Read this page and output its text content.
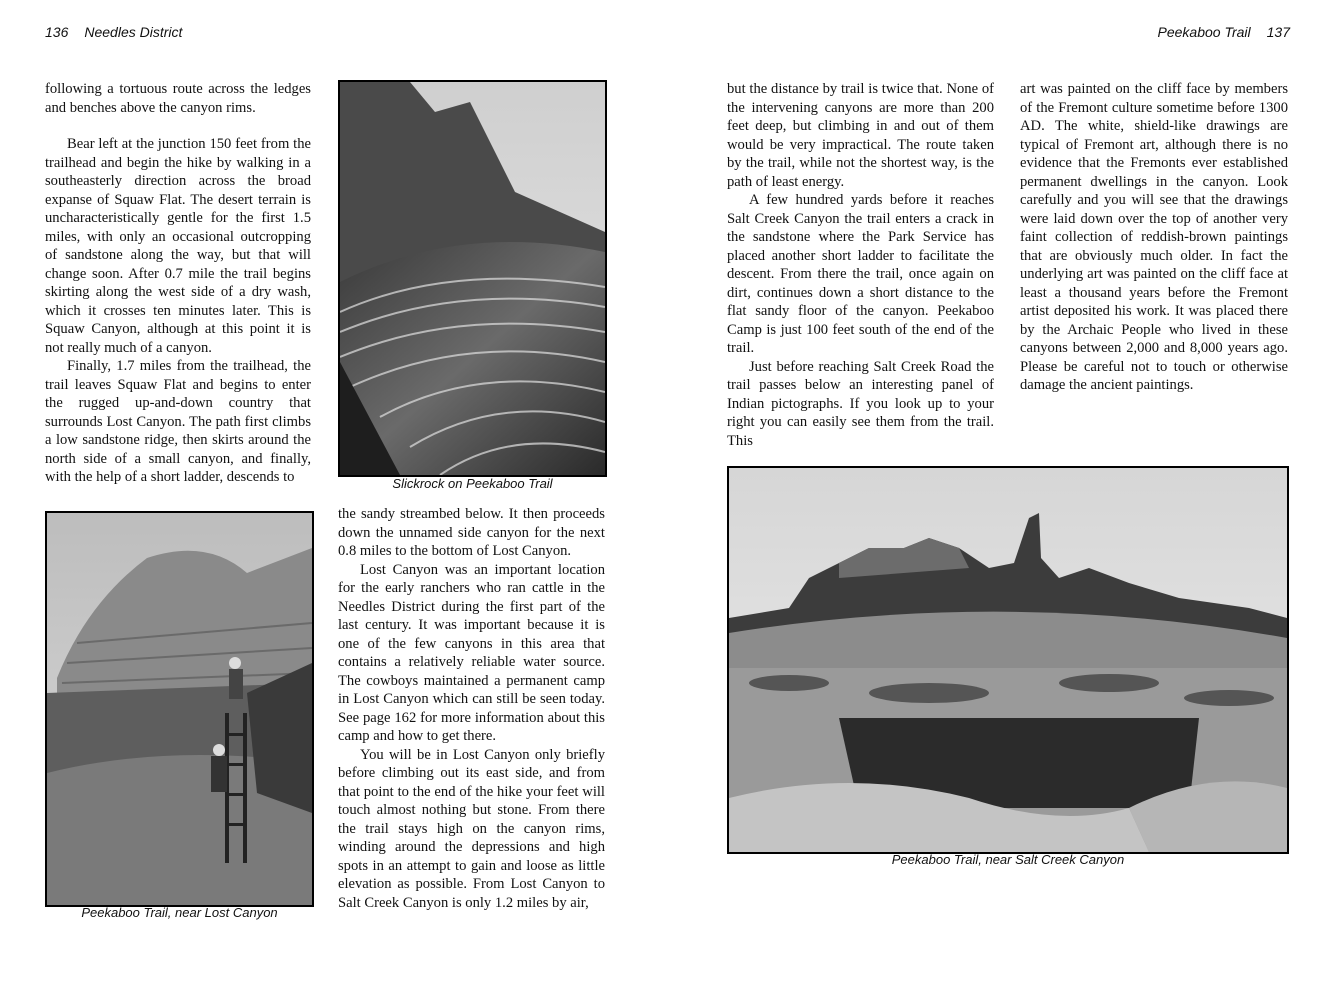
136 Needles District	Peekaboo Trail 137

following a tortuous route across the ledges and benches above the canyon rims.

Bear left at the junction 150 feet from the trailhead and begin the hike by walking in a southeasterly direction across the broad expanse of Squaw Flat. The desert terrain is uncharacteristically gentle for the first 1.5 miles, with only an occasional outcropping of sandstone along the way, but that will change soon. After 0.7 mile the trail begins skirting along the west side of a dry wash, which it crosses ten minutes later. This is Squaw Canyon, although at this point it is not really much of a canyon.

Finally, 1.7 miles from the trailhead, the trail leaves Squaw Flat and begins to enter the rugged up-and-down country that surrounds Lost Canyon. The path first climbs a low sandstone ridge, then skirts around the north side of a small canyon, and finally, with the help of a short ladder, descends to	Slickrock on Peekaboo Trail
Peekaboo Trail, near Lost Canyon

the sandy streambed below. It then proceeds down the unnamed side canyon for the next 0.8 miles to the bottom of Lost Canyon.

Lost Canyon was an important location for the early ranchers who ran cattle in the Needles District during the first part of the last century. It was important because it is one of the few canyons in this area that contains a relatively reliable water source. The cowboys maintained a permanent camp in Lost Canyon which can still be seen today. See page 162 for more information about this camp and how to get there.

You will be in Lost Canyon only briefly before climbing out its east side, and from that point to the end of the hike your feet will touch almost nothing but stone. From there the trail stays high on the canyon rims, winding around the depressions and high spots in an attempt to gain and loose as little elevation as possible. From Lost Canyon to Salt Creek Canyon is only 1.2 miles by air,

but the distance by trail is twice that. None of the intervening canyons are more than 200 feet deep, but climbing in and out of them would be very impractical. The route taken by the trail, while not the shortest way, is the path of least energy.

A few hundred yards before it reaches Salt Creek Canyon the trail enters a crack in the sandstone where the Park Service has placed another short ladder to facilitate the descent. From there the trail, once again on dirt, continues down a short distance to the flat sandy floor of the canyon. Peekaboo Camp is just 100 feet south of the end of the trail.

Just before reaching Salt Creek Road the trail passes below an interesting panel of Indian pictographs. If you look up to your right you can easily see them from the trail. This

art was painted on the cliff face by members of the Fremont culture sometime before 1300 AD. The white, shield-like drawings are typical of Fremont art, although there is no evidence that the Fremonts ever established permanent dwellings in the canyon. Look carefully and you will see that the drawings were laid down over the top of another very faint collection of reddish-brown paintings that are obviously much older. In fact the underlying art was painted on the cliff face at least a thousand years before the Fremont artist deposited his work. It was placed there by the Archaic People who lived in these canyons between 2,000 and 8,000 years ago. Please be careful not to touch or otherwise damage the ancient paintings.

Peekaboo Trail, near Salt Creek Canyon
